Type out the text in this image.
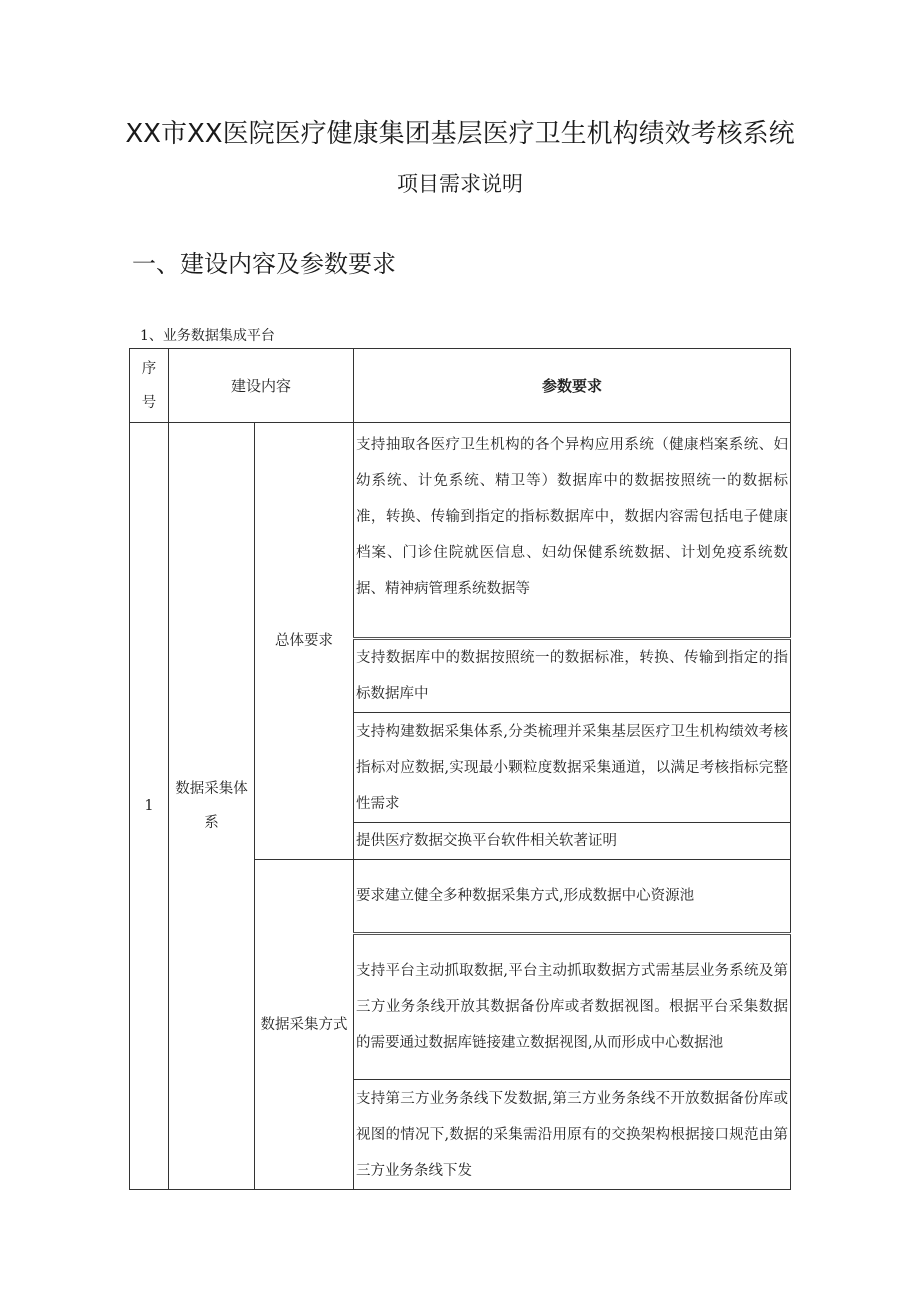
XX市XX医院医疗健康集团基层医疗卫生机构绩效考核系统
项目需求说明
一、建设内容及参数要求
1、业务数据集成平台
序号	建设内容		参数要求
1	数据采集体系	总体要求	支持抽取各医疗卫生机构的各个异构应用系统（健康档案系统、妇幼系统、计免系统、精卫等）数据库中的数据按照统一的数据标准，转换、传输到指定的指标数据库中，数据内容需包括电子健康档案、门诊住院就医信息、妇幼保健系统数据、计划免疫系统数据、精神病管理系统数据等
			支持数据库中的数据按照统一的数据标准，转换、传输到指定的指标数据库中
			支持构建数据采集体系,分类梳理并采集基层医疗卫生机构绩效考核指标对应数据,实现最小颗粒度数据采集通道，以满足考核指标完整性需求
			提供医疗数据交换平台软件相关软著证明
		数据采集方式	要求建立健全多种数据采集方式,形成数据中心资源池
			支持平台主动抓取数据,平台主动抓取数据方式需基层业务系统及第三方业务条线开放其数据备份库或者数据视图。根据平台采集数据的需要通过数据库链接建立数据视图,从而形成中心数据池
			支持第三方业务条线下发数据,第三方业务条线不开放数据备份库或视图的情况下,数据的采集需沿用原有的交换架构根据接口规范由第三方业务条线下发
